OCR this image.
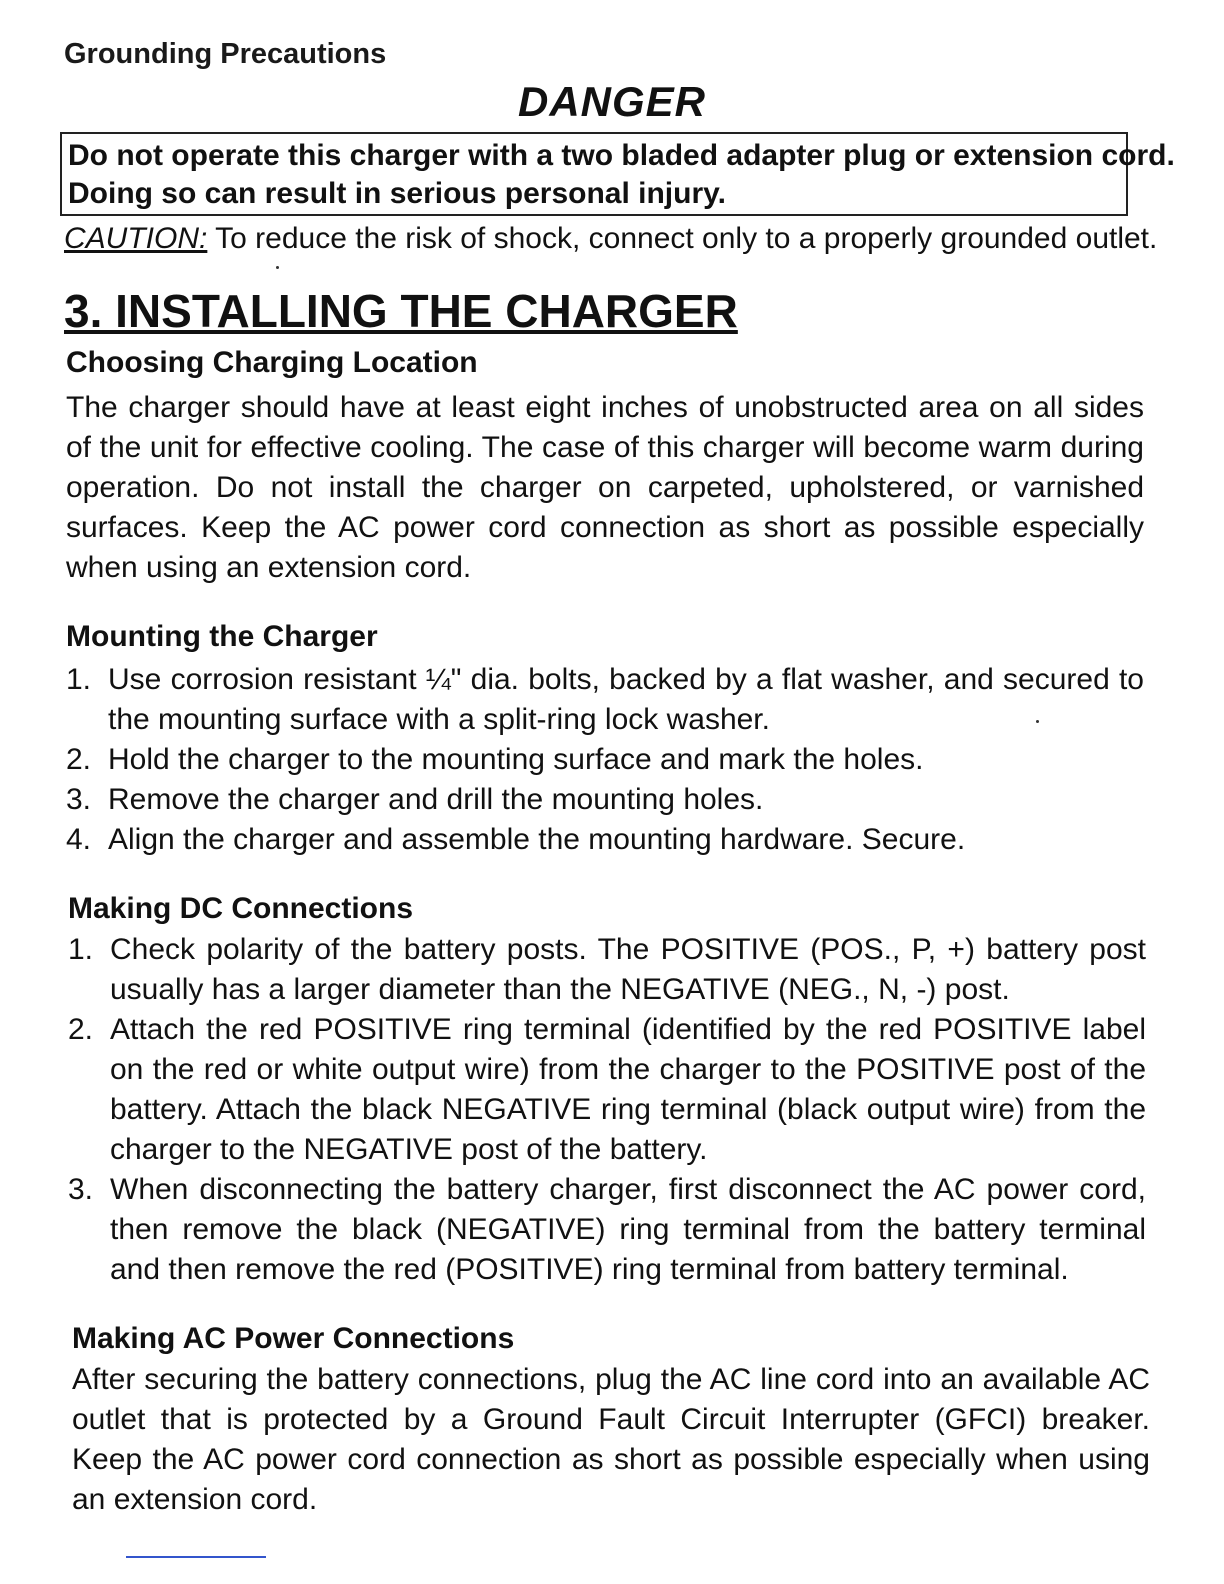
Grounding Precautions
DANGER
Do not operate this charger with a two bladed adapter plug or extension cord.
Doing so can result in serious personal injury.
CAUTION: To reduce the risk of shock, connect only to a properly grounded outlet.
3. INSTALLING THE CHARGER
Choosing Charging Location
The charger should have at least eight inches of unobstructed area on all sides of the unit for effective cooling. The case of this charger will become warm during operation. Do not install the charger on carpeted, upholstered, or varnished surfaces. Keep the AC power cord connection as short as possible especially when using an extension cord.
Mounting the Charger
1. Use corrosion resistant ¼" dia. bolts, backed by a flat washer, and secured to the mounting surface with a split-ring lock washer.
2. Hold the charger to the mounting surface and mark the holes.
3. Remove the charger and drill the mounting holes.
4. Align the charger and assemble the mounting hardware. Secure.
Making DC Connections
1. Check polarity of the battery posts. The POSITIVE (POS., P, +) battery post usually has a larger diameter than the NEGATIVE (NEG., N, -) post.
2. Attach the red POSITIVE ring terminal (identified by the red POSITIVE label on the red or white output wire) from the charger to the POSITIVE post of the battery. Attach the black NEGATIVE ring terminal (black output wire) from the charger to the NEGATIVE post of the battery.
3. When disconnecting the battery charger, first disconnect the AC power cord, then remove the black (NEGATIVE) ring terminal from the battery terminal and then remove the red (POSITIVE) ring terminal from battery terminal.
Making AC Power Connections
After securing the battery connections, plug the AC line cord into an available AC outlet that is protected by a Ground Fault Circuit Interrupter (GFCI) breaker. Keep the AC power cord connection as short as possible especially when using an extension cord.
